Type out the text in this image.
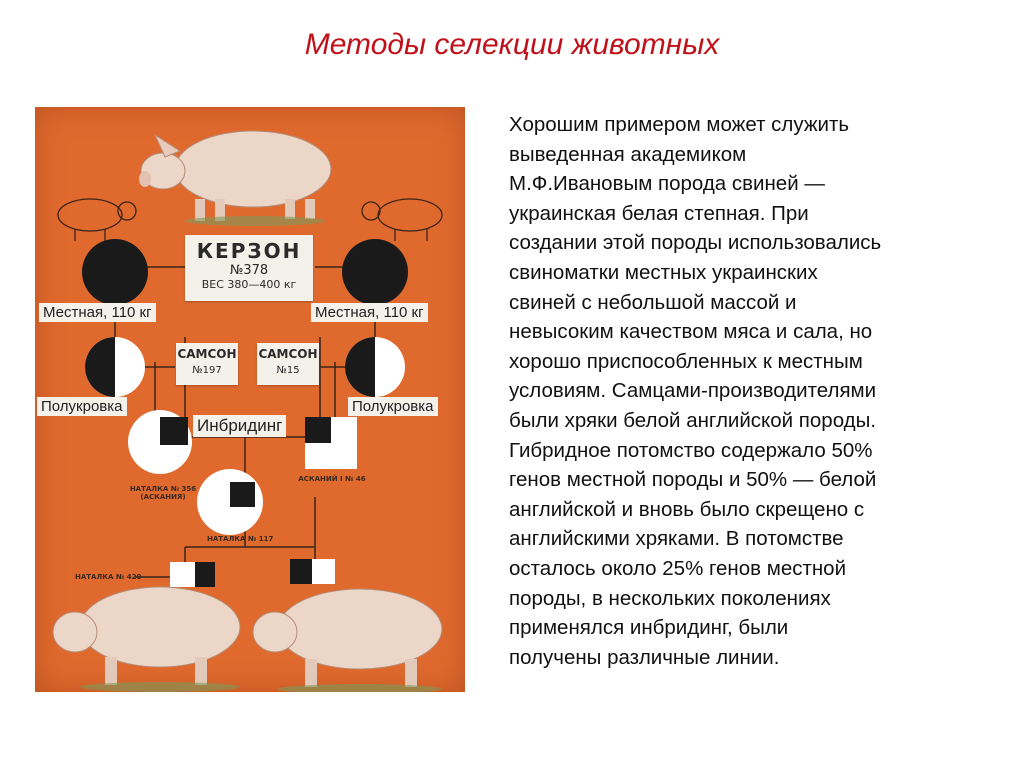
Методы селекции животных
КЕРЗОН
№378
ВЕС 380—400 кг
Местная, 110 кг	Местная, 110 кг
САМСОН
№197
САМСОН
№15
Полукровка	Полукровка
Инбридинг
НАТАЛКА № 356 (АСКАНИЯ)
АСКАНИЙ I № 46
НАТАЛКА № 117
НАТАЛКА № 420
Хорошим примером может служить
выведенная академиком
М.Ф.Ивановым порода свиней —
украинская белая степная. При
создании этой породы использовались
свиноматки местных украинских
свиней с небольшой массой и
невысоким качеством мяса и сала, но
хорошо приспособленных к местным
условиям. Самцами-производителями
были хряки белой английской породы.
Гибридное потомство содержало 50%
генов местной породы и 50% — белой
английской и вновь было скрещено с
английскими хряками. В потомстве
осталось около 25% генов местной
породы, в нескольких поколениях
применялся инбридинг, были
получены различные линии.
